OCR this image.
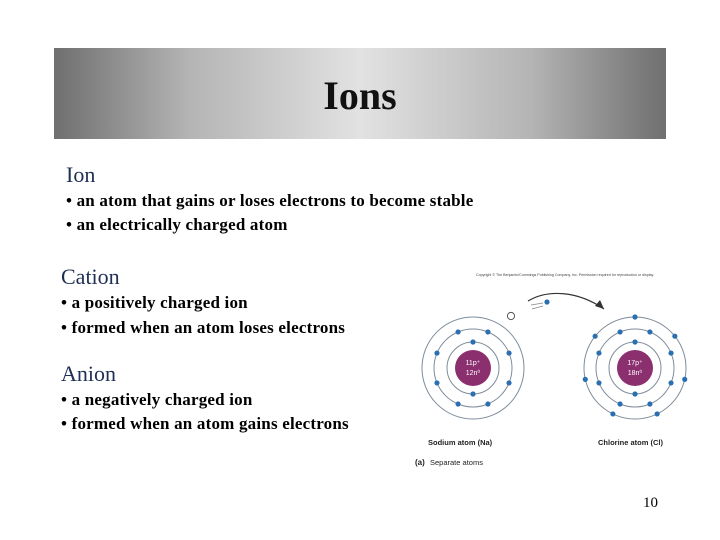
Ions
Ion
• an atom that gains or loses electrons to become stable
• an electrically charged atom
Cation
• a positively charged ion
• formed when an atom loses electrons
Anion
• a negatively charged ion
• formed when an atom gains electrons
Copyright © The Benjamin/Cummings Publishing Company, Inc. Permission required for reproduction or display.
11p⁺
12n⁰
17p⁺
18n⁰
Sodium atom (Na)	Chlorine atom (Cl)
(a) Separate atoms
10
